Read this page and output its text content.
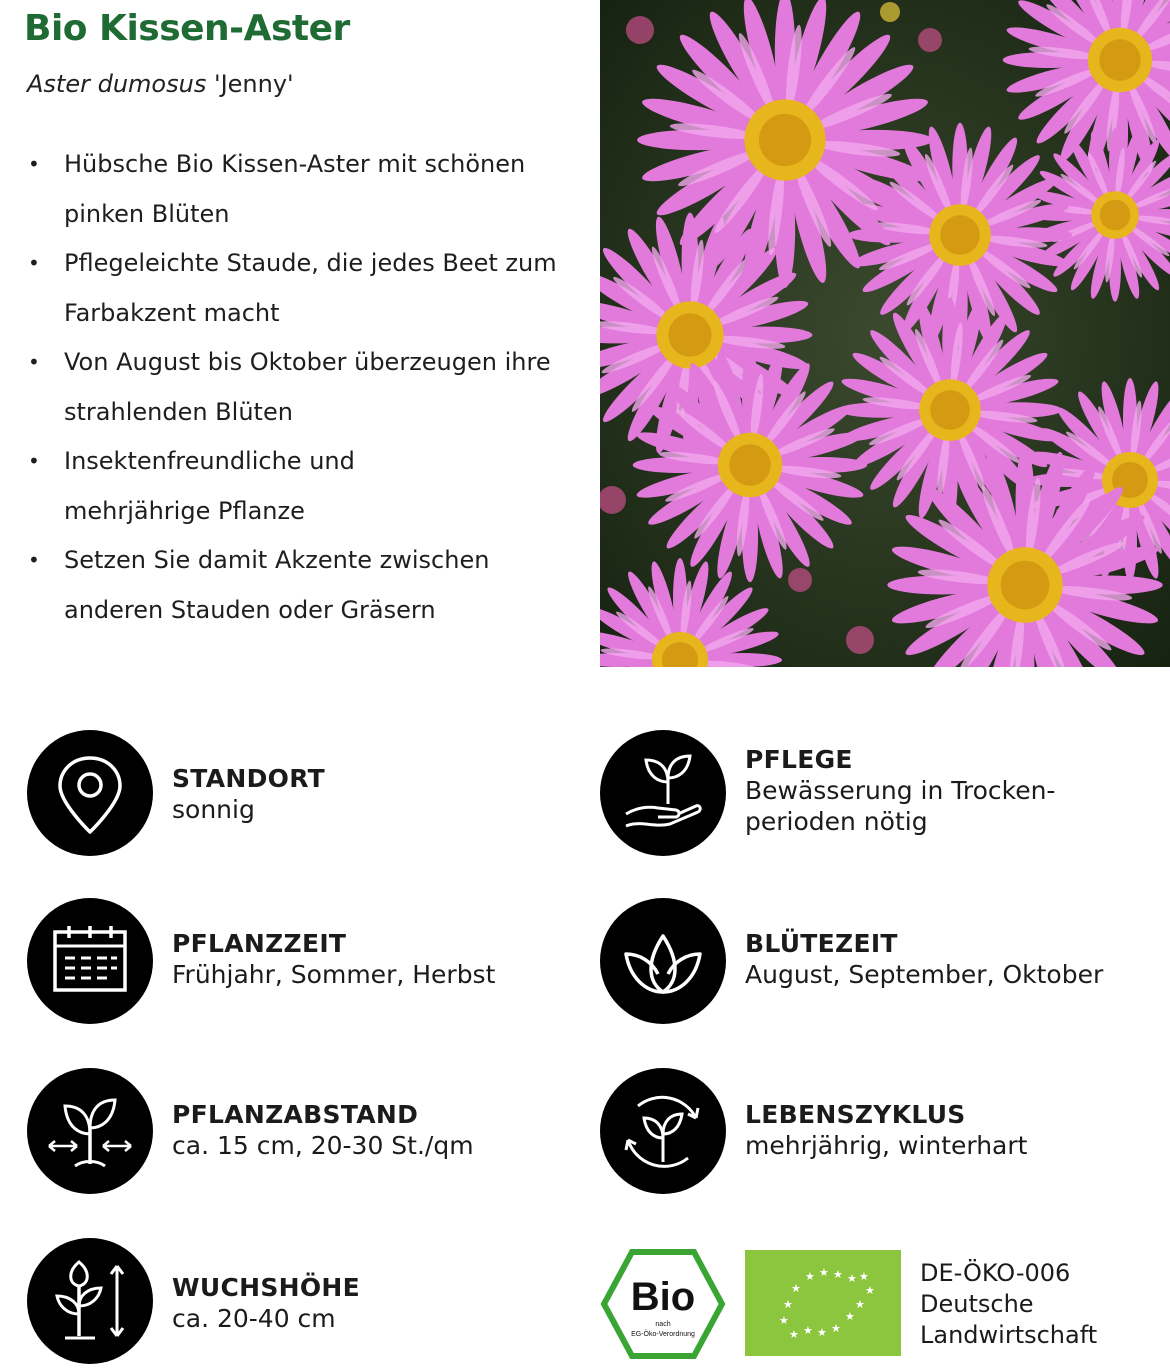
Bio Kissen-Aster
Aster dumosus 'Jenny'
• Hübsche Bio Kissen-Aster mit schönen
pinken Blüten
• Pflegeleichte Staude, die jedes Beet zum
Farbakzent macht
• Von August bis Oktober überzeugen ihre
strahlenden Blüten
• Insektenfreundliche und
mehrjährige Pflanze
• Setzen Sie damit Akzente zwischen
anderen Stauden oder Gräsern
STANDORT
sonnig
PFLANZZEIT
Frühjahr, Sommer, Herbst
PFLANZABSTAND
ca. 15 cm, 20-30 St./qm
WUCHSHÖHE
ca. 20-40 cm
PFLEGE
Bewässerung in Trocken-
perioden nötig
BLÜTEZEIT
August, September, Oktober
LEBENSZYKLUS
mehrjährig, winterhart
Bio
nach
EG-Öko-Verordnung
★ ★ ★ ★ ★
★	★
★	★
★	★
★ ★ ★ ★
DE-ÖKO-006
Deutsche
Landwirtschaft
